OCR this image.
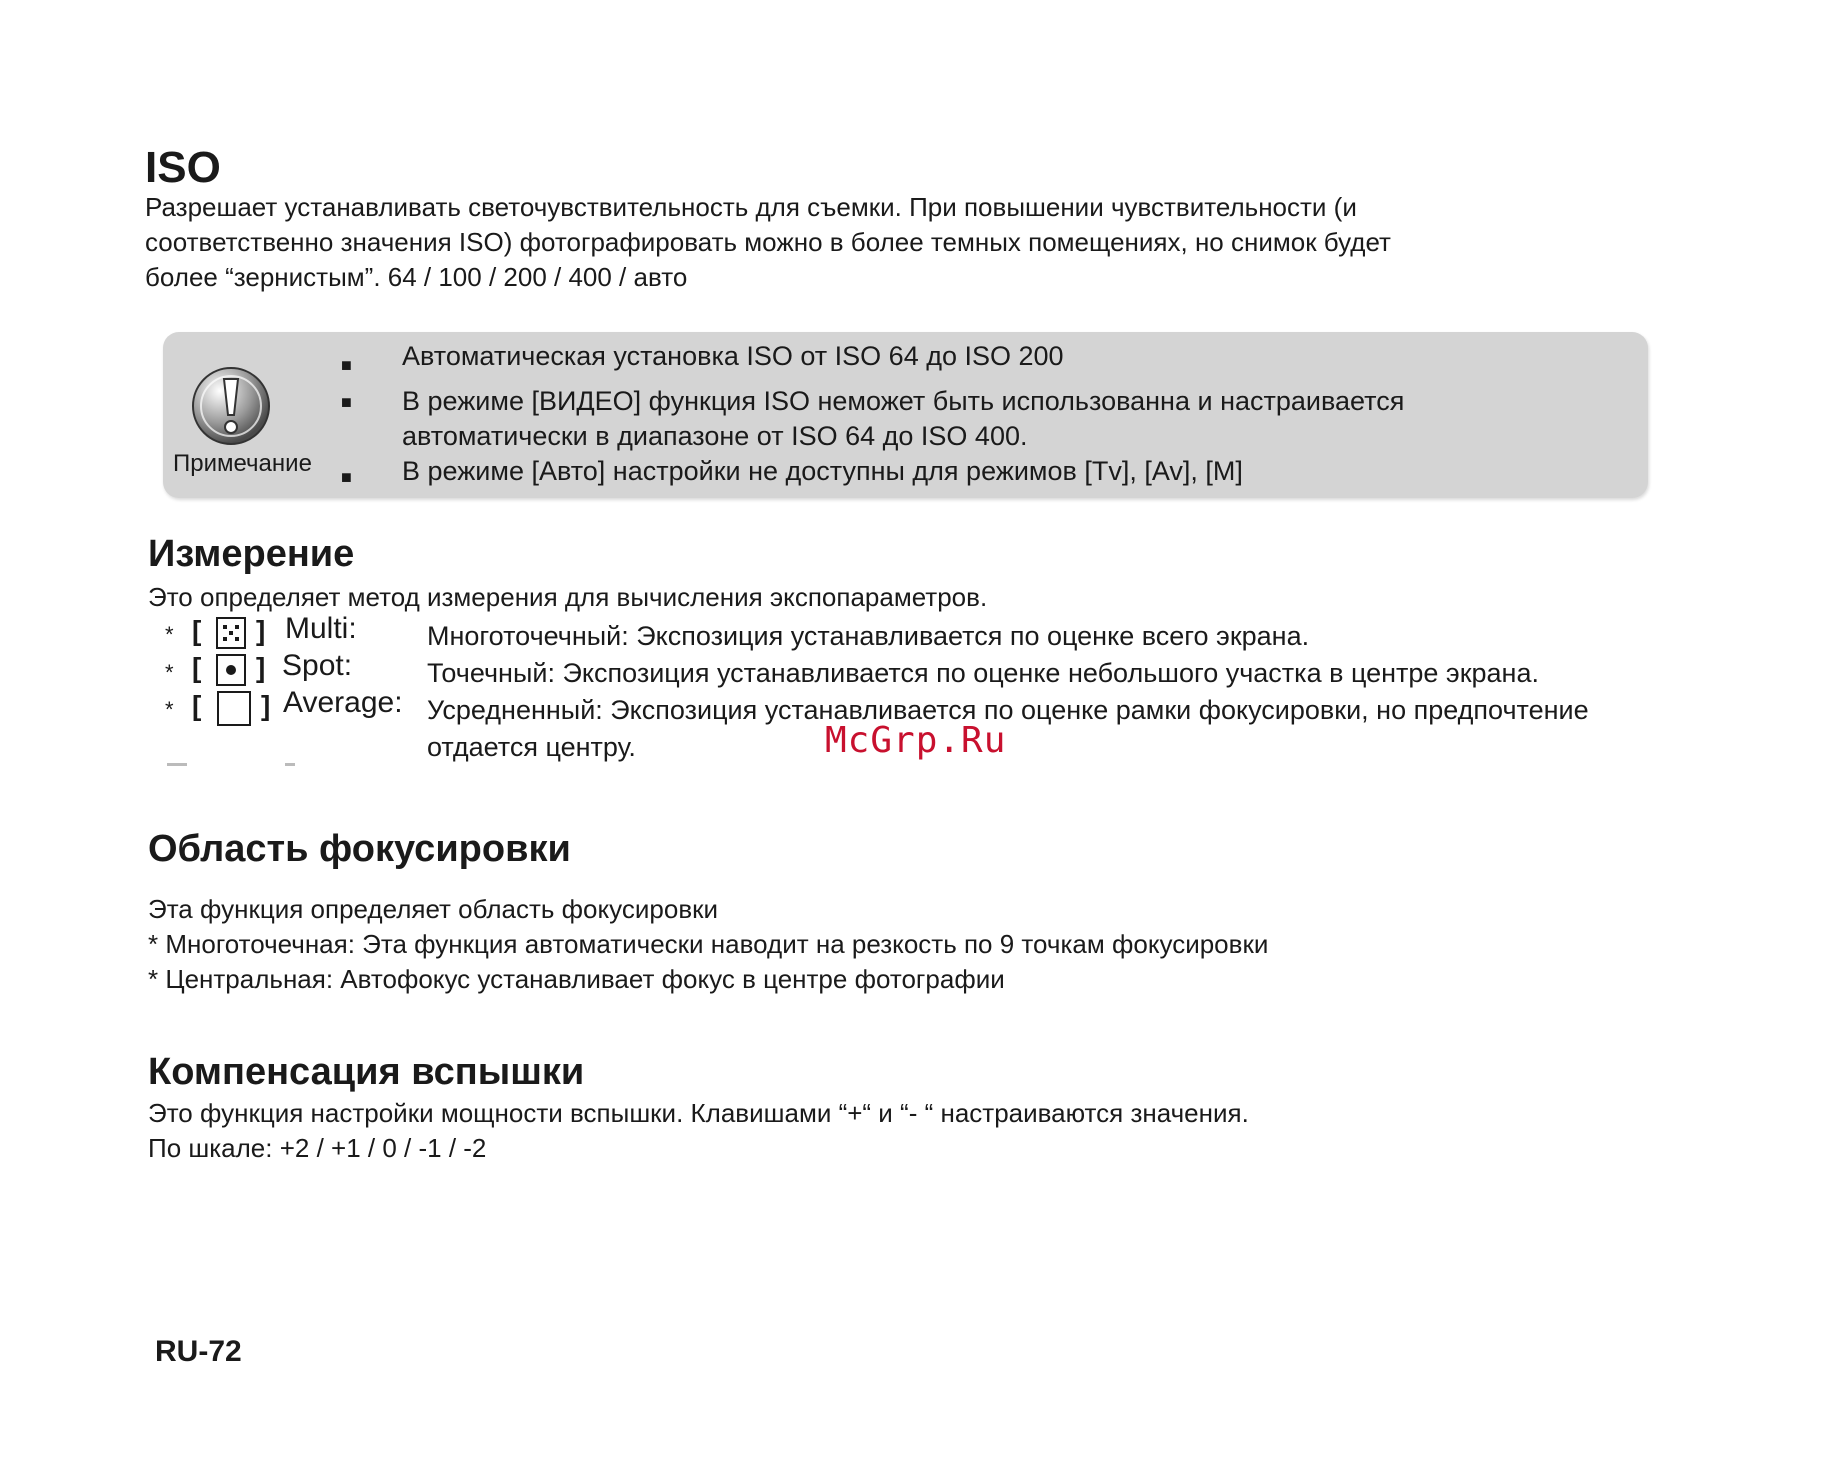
ISO
Разрешает устанавливать светочувствительность для съемки. При повышении чувствительности (и
соответственно значения ISO) фотографировать можно в более темных помещениях, но снимок будет
более “зернистым”. 64 / 100 / 200 / 400 / авто
Примечание
■ Автоматическая установка ISO от ISO 64 до ISO 200
■ В режиме [ВИДЕО] функция ISO неможет быть использованна и настраивается
автоматически в диапазоне от ISO 64 до ISO 400.
■ В режиме [Авто] настройки не доступны для режимов [Tv], [Av], [M]
Измерение
Это определяет метод измерения для вычисления экспопараметров.
* [ ] Multi:	Многоточечный: Экспозиция устанавливается по оценке всего экрана.
* [ ] Spot:	Точечный: Экспозиция устанавливается по оценке небольшого участка в центре экрана.
* [ ] Average: Усредненный: Экспозиция устанавливается по оценке рамки фокусировки, но предпочтение
отдается центру.	McGrp.Ru
Область фокусировки
Эта функция определяет область фокусировки
* Многоточечная: Эта функция автоматически наводит на резкость по 9 точкам фокусировки
* Центральная: Автофокус устанавливает фокус в центре фотографии
Компенсация вспышки
Это функция настройки мощности вспышки. Клавишами “+“ и “- “ настраиваются значения.
По шкале: +2 / +1 / 0 / -1 / -2
RU-72
